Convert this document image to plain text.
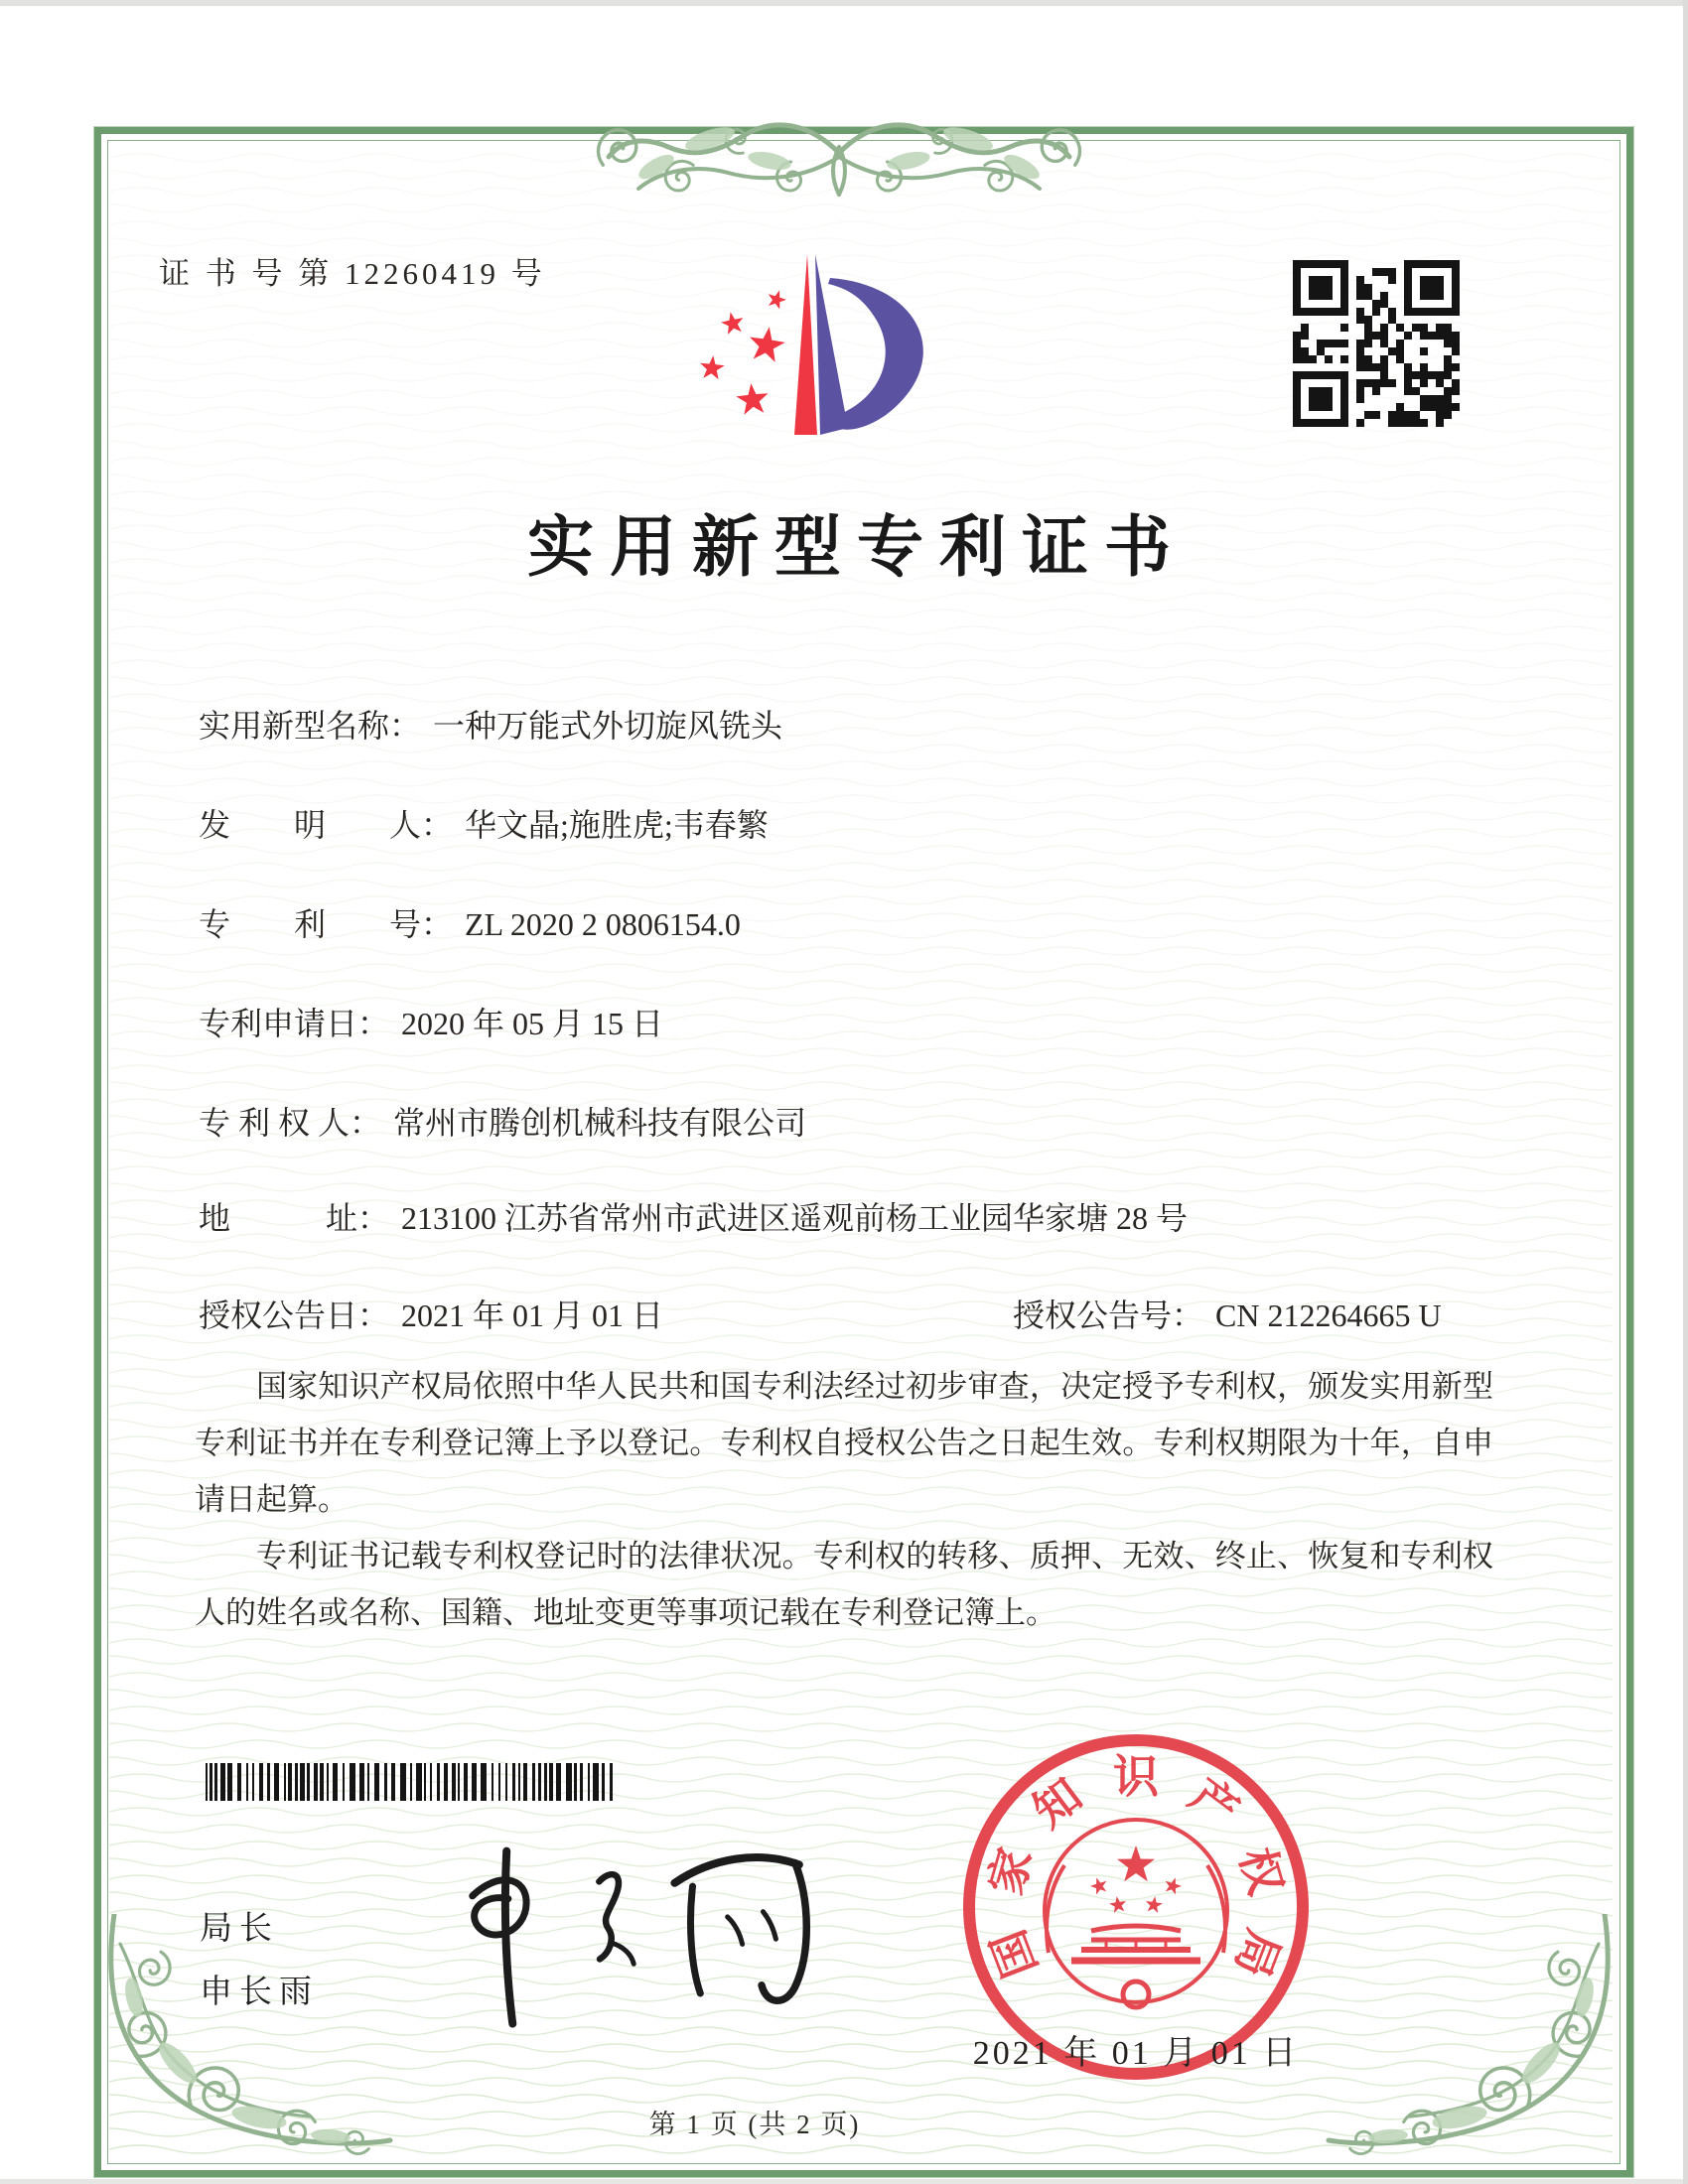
证 书 号 第 12260419 号
实用新型专利证书
实用新型名称： 一种万能式外切旋风铣头
发　　明　　人： 华文晶;施胜虎;韦春繁
专　　利　　号： ZL 2020 2 0806154.0
专利申请日： 2020 年 05 月 15 日
专 利 权 人： 常州市腾创机械科技有限公司
地　　　址： 213100 江苏省常州市武进区遥观前杨工业园华家塘 28 号
授权公告日： 2021 年 01 月 01 日	授权公告号： CN 212264665 U

国家知识产权局依照中华人民共和国专利法经过初步审查，决定授予专利权，颁发实用新型专利证书并在专利登记簿上予以登记。专利权自授权公告之日起生效。专利权期限为十年，自申请日起算。

专利证书记载专利权登记时的法律状况。专利权的转移、质押、无效、终止、恢复和专利权人的姓名或名称、国籍、地址变更等事项记载在专利登记簿上。

局长
申长雨
国
家
知 识 产
权
局
2021 年 01 月 01 日
第 1 页 (共 2 页)
